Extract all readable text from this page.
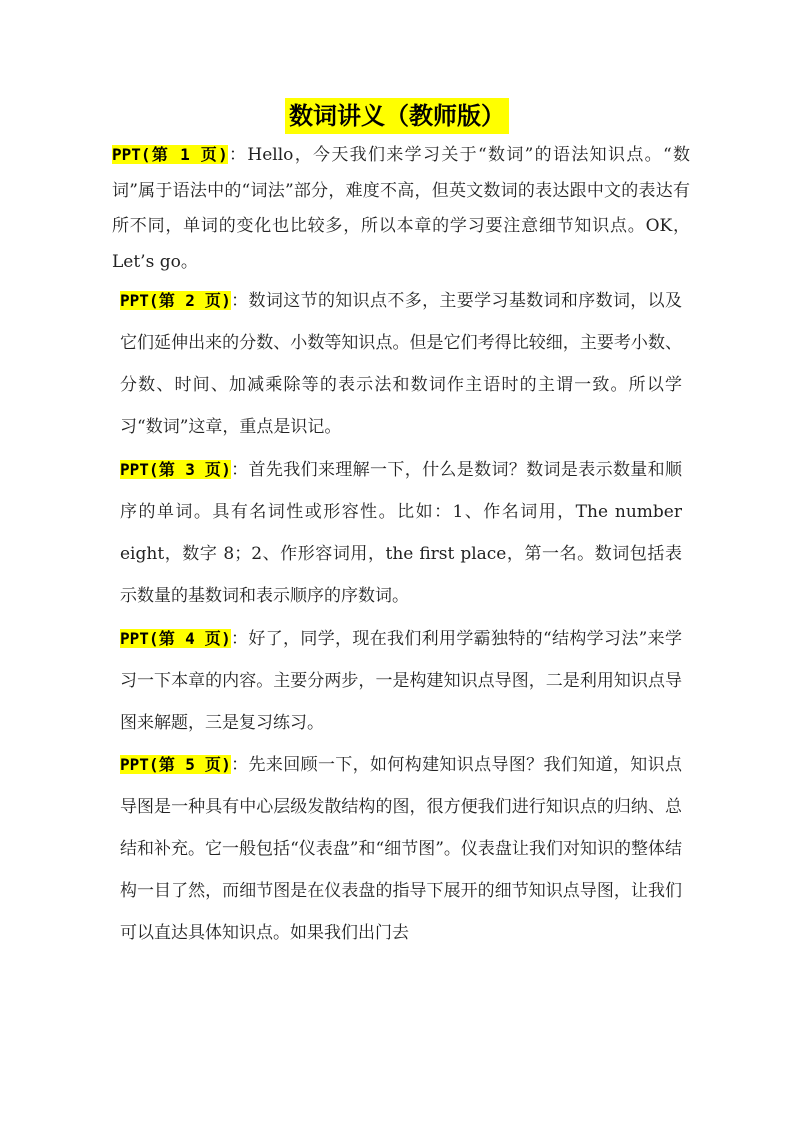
数词讲义（教师版）

PPT(第 1 页)：Hello，今天我们来学习关于“数词”的语法知识点。“数词”属于语法中的“词法”部分，难度不高，但英文数词的表达跟中文的表达有所不同，单词的变化也比较多，所以本章的学习要注意细节知识点。OK，Let’s go。

PPT(第 2 页)：数词这节的知识点不多，主要学习基数词和序数词，以及它们延伸出来的分数、小数等知识点。但是它们考得比较细，主要考小数、分数、时间、加减乘除等的表示法和数词作主语时的主谓一致。所以学习“数词”这章，重点是识记。

PPT(第 3 页)：首先我们来理解一下，什么是数词？数词是表示数量和顺序的单词。具有名词性或形容性。比如：1、作名词用，The number eight，数字 8；2、作形容词用，the first place，第一名。数词包括表示数量的基数词和表示顺序的序数词。

PPT(第 4 页)：好了，同学，现在我们利用学霸独特的“结构学习法”来学习一下本章的内容。主要分两步，一是构建知识点导图，二是利用知识点导图来解题，三是复习练习。

PPT(第 5 页)：先来回顾一下，如何构建知识点导图？我们知道，知识点导图是一种具有中心层级发散结构的图，很方便我们进行知识点的归纳、总结和补充。它一般包括“仪表盘”和“细节图”。仪表盘让我们对知识的整体结构一目了然，而细节图是在仪表盘的指导下展开的细节知识点导图，让我们可以直达具体知识点。如果我们出门去
